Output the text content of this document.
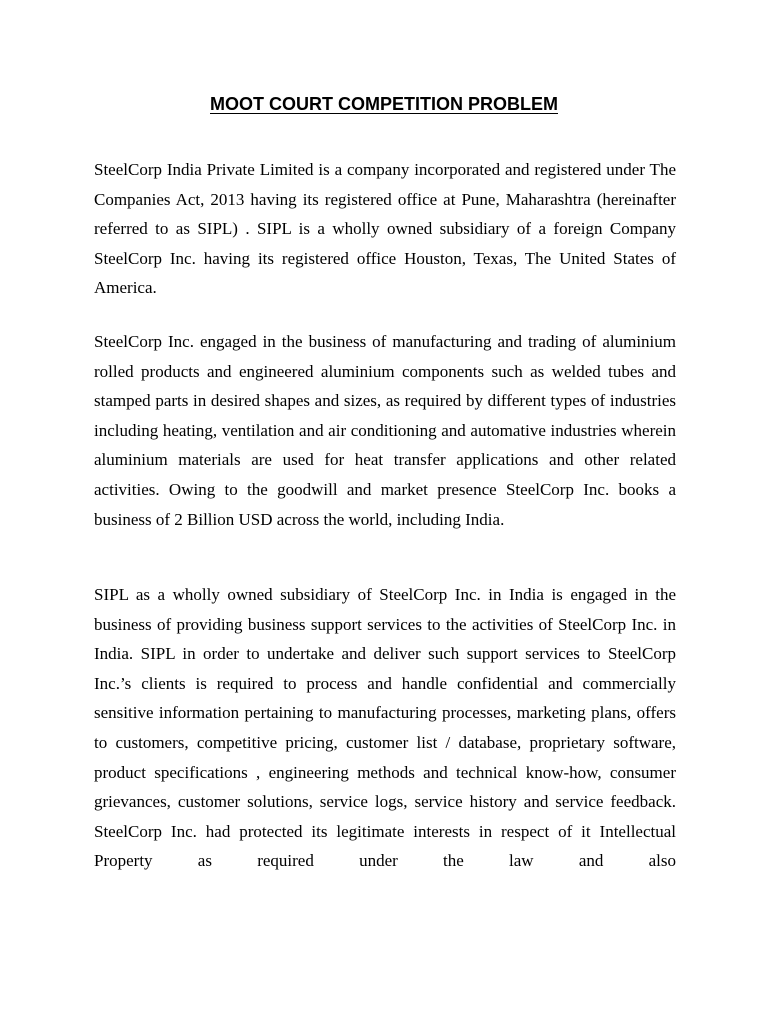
MOOT COURT COMPETITION PROBLEM

SteelCorp India Private Limited is a company incorporated and registered under The Companies Act, 2013 having its registered office at Pune, Maharashtra (hereinafter referred to as SIPL) . SIPL is a wholly owned subsidiary of a foreign Company SteelCorp Inc. having its registered office Houston, Texas, The United States of America.

SteelCorp Inc. engaged in the business of manufacturing and trading of aluminium rolled products and engineered aluminium components such as welded tubes and stamped parts in desired shapes and sizes, as required by different types of industries including heating, ventilation and air conditioning and automative industries wherein aluminium materials are used for heat transfer applications and other related activities. Owing to the goodwill and market presence SteelCorp Inc. books a business of 2 Billion USD across the world, including India.

SIPL as a wholly owned subsidiary of SteelCorp Inc. in India is engaged in the business of providing business support services to the activities of SteelCorp Inc. in India. SIPL in order to undertake and deliver such support services to SteelCorp Inc.’s clients is required to process and handle confidential and commercially sensitive information pertaining to manufacturing processes, marketing plans, offers to customers, competitive pricing, customer list / database, proprietary software, product specifications , engineering methods and technical know-how, consumer grievances, customer solutions, service logs, service history and service feedback. SteelCorp Inc. had protected its legitimate interests in respect of it Intellectual Property as required under the law and also
